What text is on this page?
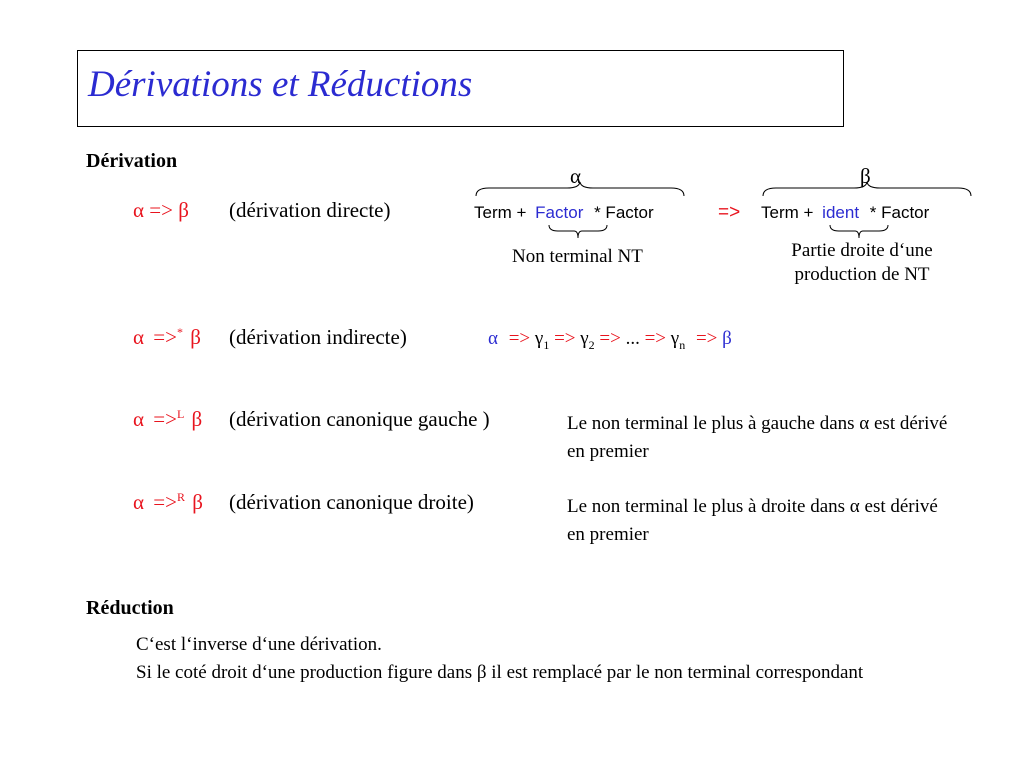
Dérivations et Réductions
Dérivation
α => β (dérivation directe)
α	β
Term + Factor * Factor	=> Term + ident * Factor
Non terminal NT	Partie droite d‘une
production de NT
α =>* β (dérivation indirecte)	$\alpha => \gamma_1 => \gamma_2$ => ... => $\gamma_n => \beta$
α =>$^L$ β (dérivation canonique gauche )	Le non terminal le plus à gauche dans α est dérivé
en premier
α =>$^R$ β (dérivation canonique droite)	Le non terminal le plus à droite dans α est dérivé
en premier
Réduction
C‘est l‘inverse d‘une dérivation.
Si le coté droit d‘une production figure dans β il est remplacé par le non terminal correspondant
